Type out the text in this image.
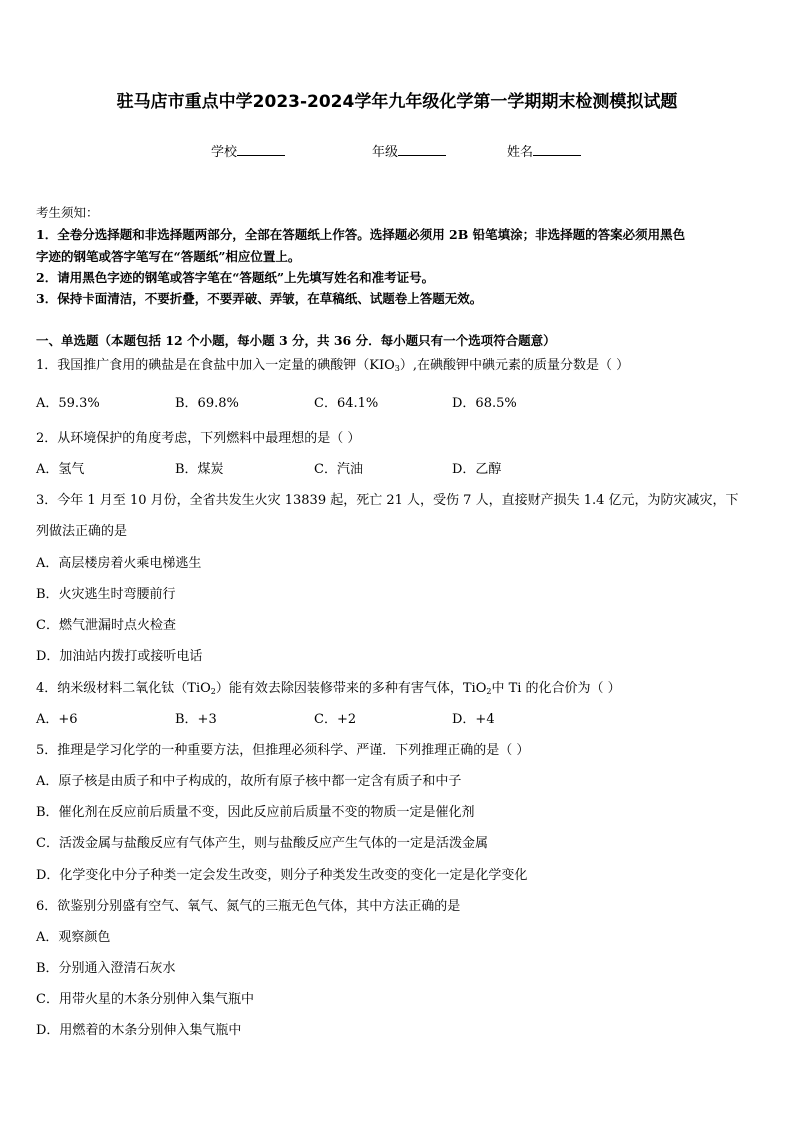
驻马店市重点中学2023-2024学年九年级化学第一学期期末检测模拟试题
学校	年级	姓名
考生须知：
1．全卷分选择题和非选择题两部分，全部在答题纸上作答。选择题必须用 2B 铅笔填涂；非选择题的答案必须用黑色
字迹的钢笔或答字笔写在“答题纸”相应位置上。
2．请用黑色字迹的钢笔或答字笔在“答题纸”上先填写姓名和准考证号。
3．保持卡面清洁，不要折叠，不要弄破、弄皱，在草稿纸、试题卷上答题无效。
一、单选题（本题包括 12 个小题，每小题 3 分，共 36 分．每小题只有一个选项符合题意）
1．我国推广食用的碘盐是在食盐中加入一定量的碘酸钾$(KIO_3)$,在碘酸钾中碘元素的质量分数是（ ）
A．59.3%	B．69.8%	C．64.1%	D．68.5%
2．从环境保护的角度考虑，下列燃料中最理想的是（ ）
A．氢气	B．煤炭	C．汽油	D．乙醇
3．今年 1 月至 10 月份，全省共发生火灾 13839 起，死亡 21 人，受伤 7 人，直接财产损失 1.4 亿元，为防灾减灾，下
列做法正确的是
A．高层楼房着火乘电梯逃生
B．火灾逃生时弯腰前行
C．燃气泄漏时点火检查
D．加油站内拨打或接听电话
4．纳米级材料二氧化钛（TiO$_2$）能有效去除因装修带来的多种有害气体，TiO$_2$中 Ti 的化合价为（ ）
A．+6	B．+3	C．+2	D．+4
5．推理是学习化学的一种重要方法，但推理必须科学、严谨．下列推理正确的是（ ）
A．原子核是由质子和中子构成的，故所有原子核中都一定含有质子和中子
B．催化剂在反应前后质量不变，因此反应前后质量不变的物质一定是催化剂
C．活泼金属与盐酸反应有气体产生，则与盐酸反应产生气体的一定是活泼金属
D．化学变化中分子种类一定会发生改变，则分子种类发生改变的变化一定是化学变化
6．欲鉴别分别盛有空气、氧气、氮气的三瓶无色气体，其中方法正确的是
A．观察颜色
B．分别通入澄清石灰水
C．用带火星的木条分别伸入集气瓶中
D．用燃着的木条分别伸入集气瓶中
